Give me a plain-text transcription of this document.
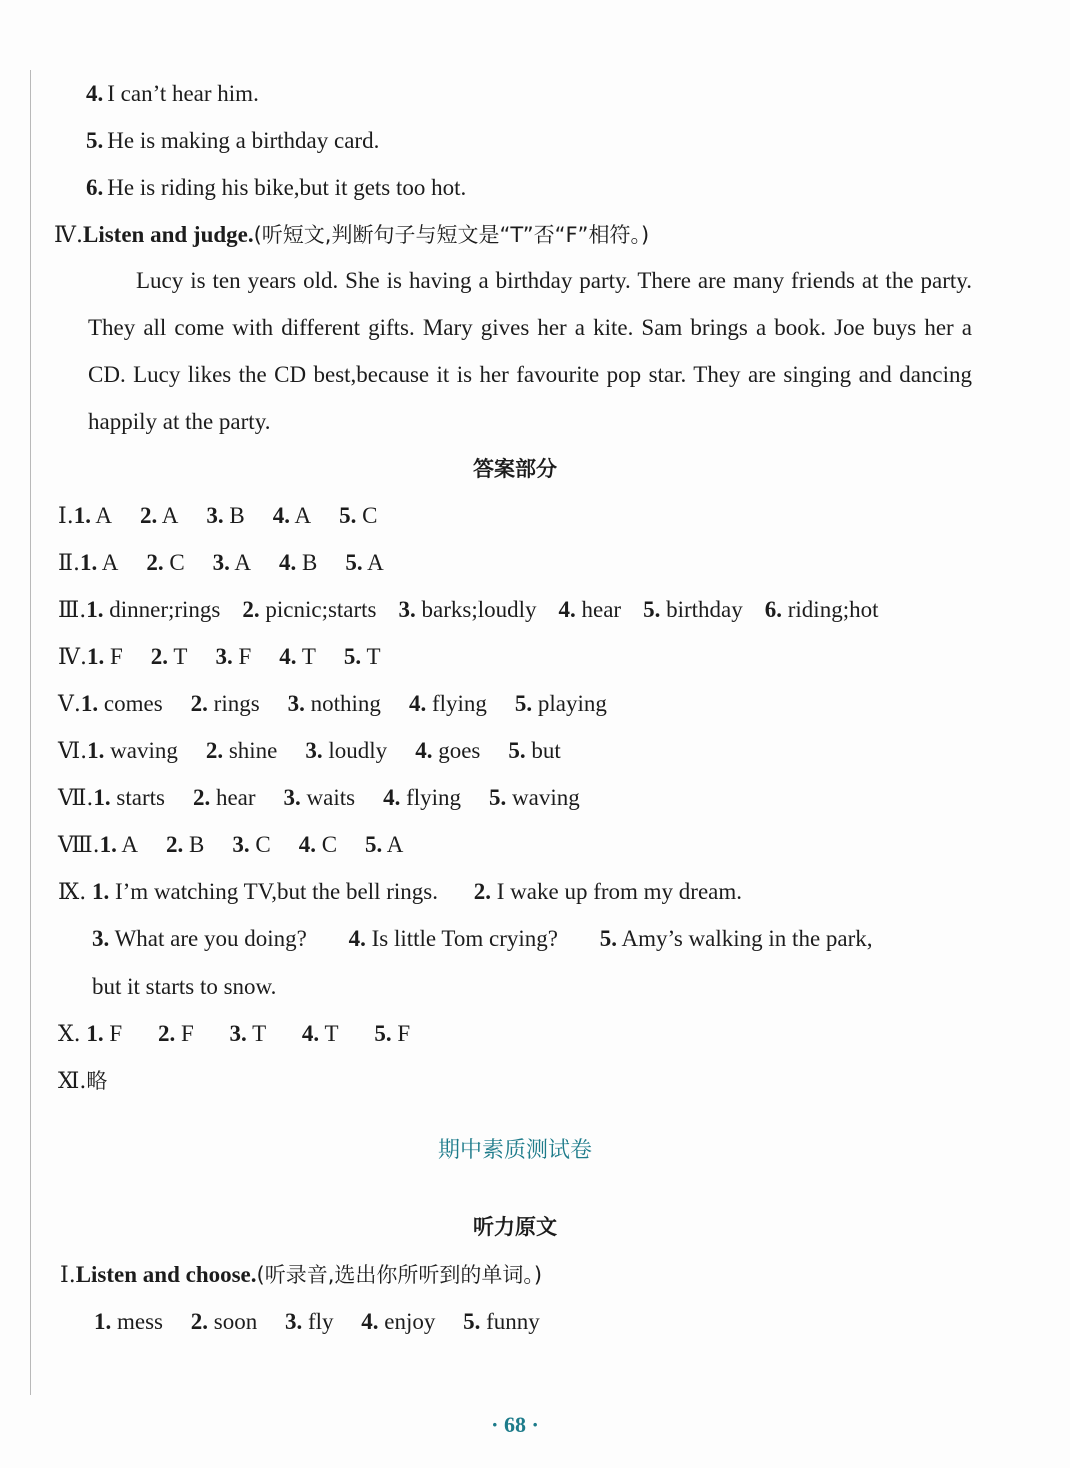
4. I can’t hear him.
5. He is making a birthday card.
6. He is riding his bike,but it gets too hot.
Ⅳ.Listen and judge.(听短文,判断句子与短文是“T”否“F”相符。)
Lucy is ten years old. She is having a birthday party. There are many friends at the party. They all come with different gifts. Mary gives her a kite. Sam brings a book. Joe buys her a CD. Lucy likes the CD best,because it is her favourite pop star. They are singing and dancing happily at the party.
答案部分
Ⅰ.1. A 2. A 3. B 4. A 5. C
Ⅱ.1. A 2. C 3. A 4. B 5. A
Ⅲ.1. dinner;rings 2. picnic;starts 3. barks;loudly 4. hear 5. birthday 6. riding;hot
Ⅳ.1. F 2. T 3. F 4. T 5. T
Ⅴ.1. comes 2. rings 3. nothing 4. flying 5. playing
Ⅵ.1. waving 2. shine 3. loudly 4. goes 5. but
Ⅶ.1. starts 2. hear 3. waits 4. flying 5. waving
Ⅷ.1. A 2. B 3. C 4. C 5. A
Ⅸ. 1. I’m watching TV,but the bell rings. 2. I wake up from my dream.
3. What are you doing? 4. Is little Tom crying? 5. Amy’s walking in the park,
but it starts to snow.
Ⅹ. 1. F 2. F 3. T 4. T 5. F
Ⅺ.略
期中素质测试卷
听力原文
Ⅰ.Listen and choose.(听录音,选出你所听到的单词。)
1. mess 2. soon 3. fly 4. enjoy 5. funny
· 68 ·
